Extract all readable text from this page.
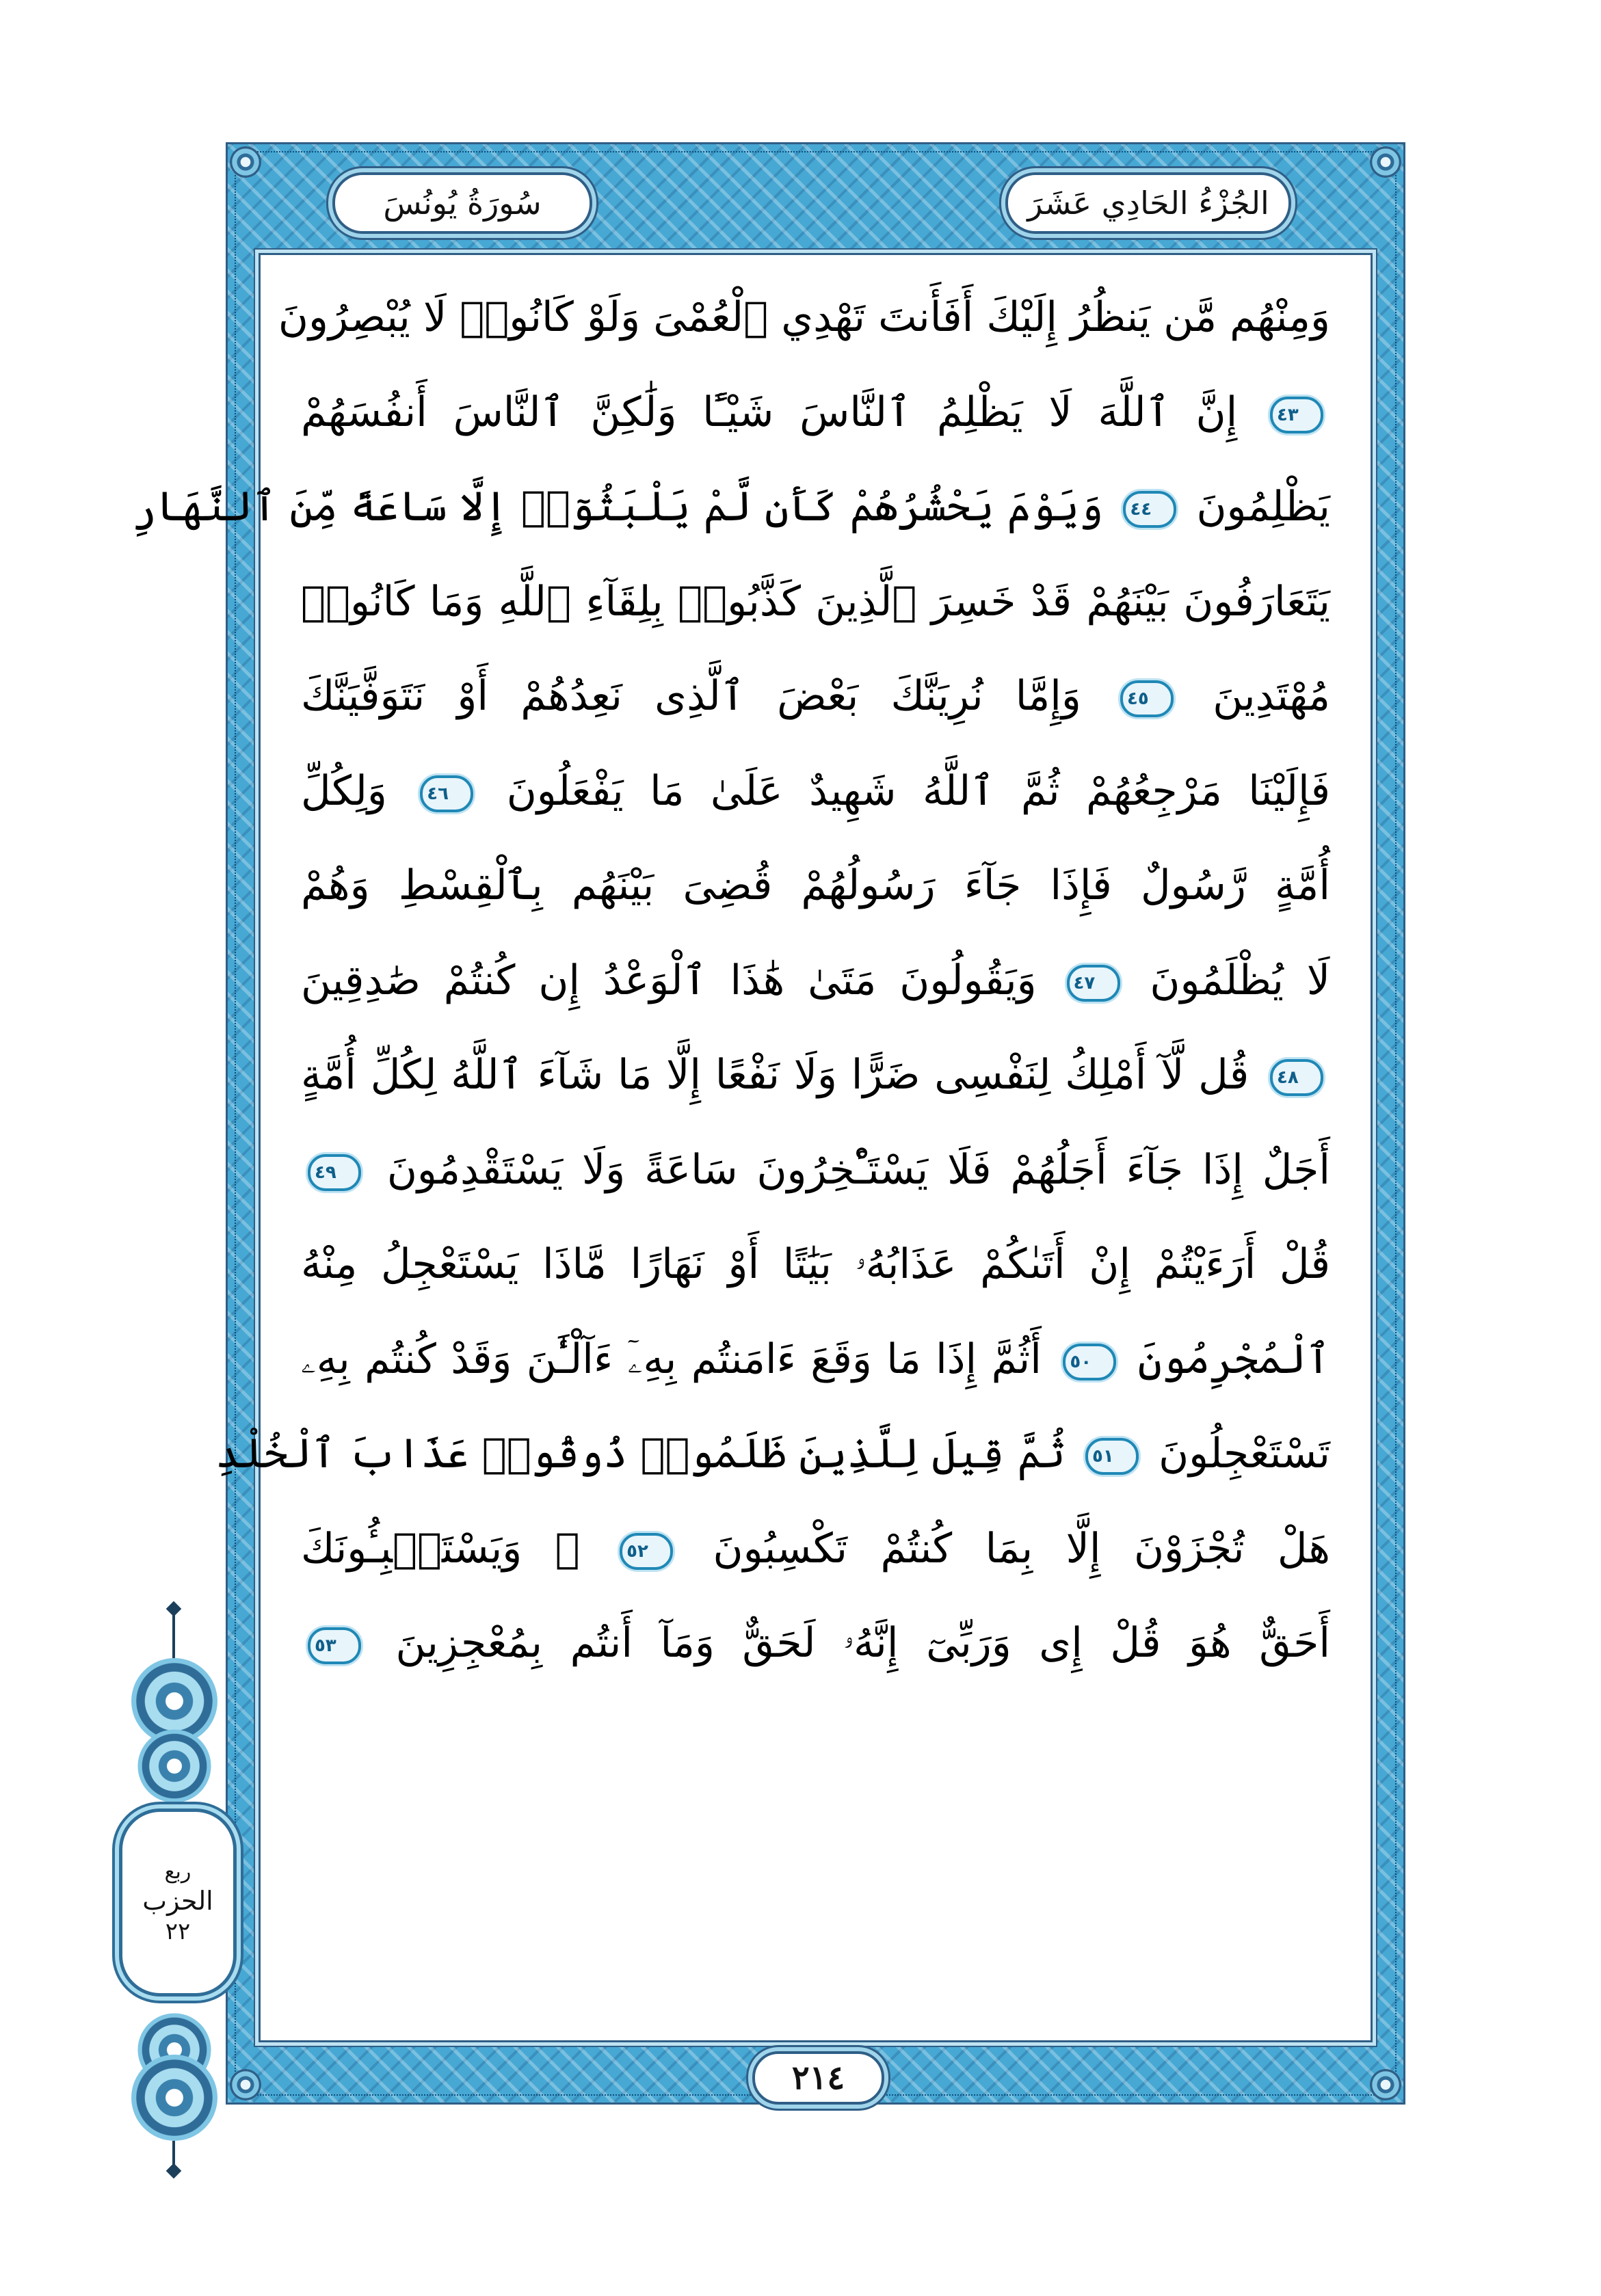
سُورَةُ يُونُسَ	الجُزْءُ الحَادِي عَشَرَ
وَمِنْهُم مَّن يَنظُرُ إِلَيْكَ أَفَأَنتَ تَهْدِي ٱلْعُمْىَ وَلَوْ كَانُوا۟ لَا يُبْصِرُونَ
٤٣ إِنَّ ٱللَّهَ لَا يَظْلِمُ ٱلنَّاسَ شَيْـًٔا وَلَٰكِنَّ ٱلنَّاسَ أَنفُسَهُمْ
يَظْلِمُونَ ٤٤ وَيَوْمَ يَحْشُرُهُمْ كَأَن لَّمْ يَلْبَثُوٓا۟ إِلَّا سَاعَةً مِّنَ ٱلنَّهَارِ
يَتَعَارَفُونَ بَيْنَهُمْ قَدْ خَسِرَ ٱلَّذِينَ كَذَّبُوا۟ بِلِقَآءِ ٱللَّهِ وَمَا كَانُوا۟
مُهْتَدِينَ ٤٥ وَإِمَّا نُرِيَنَّكَ بَعْضَ ٱلَّذِى نَعِدُهُمْ أَوْ نَتَوَفَّيَنَّكَ
فَإِلَيْنَا مَرْجِعُهُمْ ثُمَّ ٱللَّهُ شَهِيدٌ عَلَىٰ مَا يَفْعَلُونَ ٤٦ وَلِكُلِّ
أُمَّةٍ رَّسُولٌ فَإِذَا جَآءَ رَسُولُهُمْ قُضِىَ بَيْنَهُم بِٱلْقِسْطِ وَهُمْ
لَا يُظْلَمُونَ ٤٧ وَيَقُولُونَ مَتَىٰ هَٰذَا ٱلْوَعْدُ إِن كُنتُمْ صَٰدِقِينَ
٤٨ قُل لَّآ أَمْلِكُ لِنَفْسِى ضَرًّا وَلَا نَفْعًا إِلَّا مَا شَآءَ ٱللَّهُ لِكُلِّ أُمَّةٍ
أَجَلٌ إِذَا جَآءَ أَجَلُهُمْ فَلَا يَسْتَـْٔخِرُونَ سَاعَةً وَلَا يَسْتَقْدِمُونَ ٤٩
قُلْ أَرَءَيْتُمْ إِنْ أَتَىٰكُمْ عَذَابُهُۥ بَيَٰتًا أَوْ نَهَارًا مَّاذَا يَسْتَعْجِلُ مِنْهُ
ٱلْمُجْرِمُونَ ٥٠ أَثُمَّ إِذَا مَا وَقَعَ ءَامَنتُم بِهِۦٓ ءَآلْـَٰٔنَ وَقَدْ كُنتُم بِهِۦ
تَسْتَعْجِلُونَ ٥١ ثُمَّ قِيلَ لِلَّذِينَ ظَلَمُوا۟ ذُوقُوا۟ عَذَابَ ٱلْخُلْدِ
هَلْ تُجْزَوْنَ إِلَّا بِمَا كُنتُمْ تَكْسِبُونَ ٥٢ ۞ وَيَسْتَنۢبِـُٔونَكَ
أَحَقٌّ هُوَ قُلْ إِى وَرَبِّىٓ إِنَّهُۥ لَحَقٌّ وَمَآ أَنتُم بِمُعْجِزِينَ ٥٣
٢١٤
ربع
الحزب
٢٢
